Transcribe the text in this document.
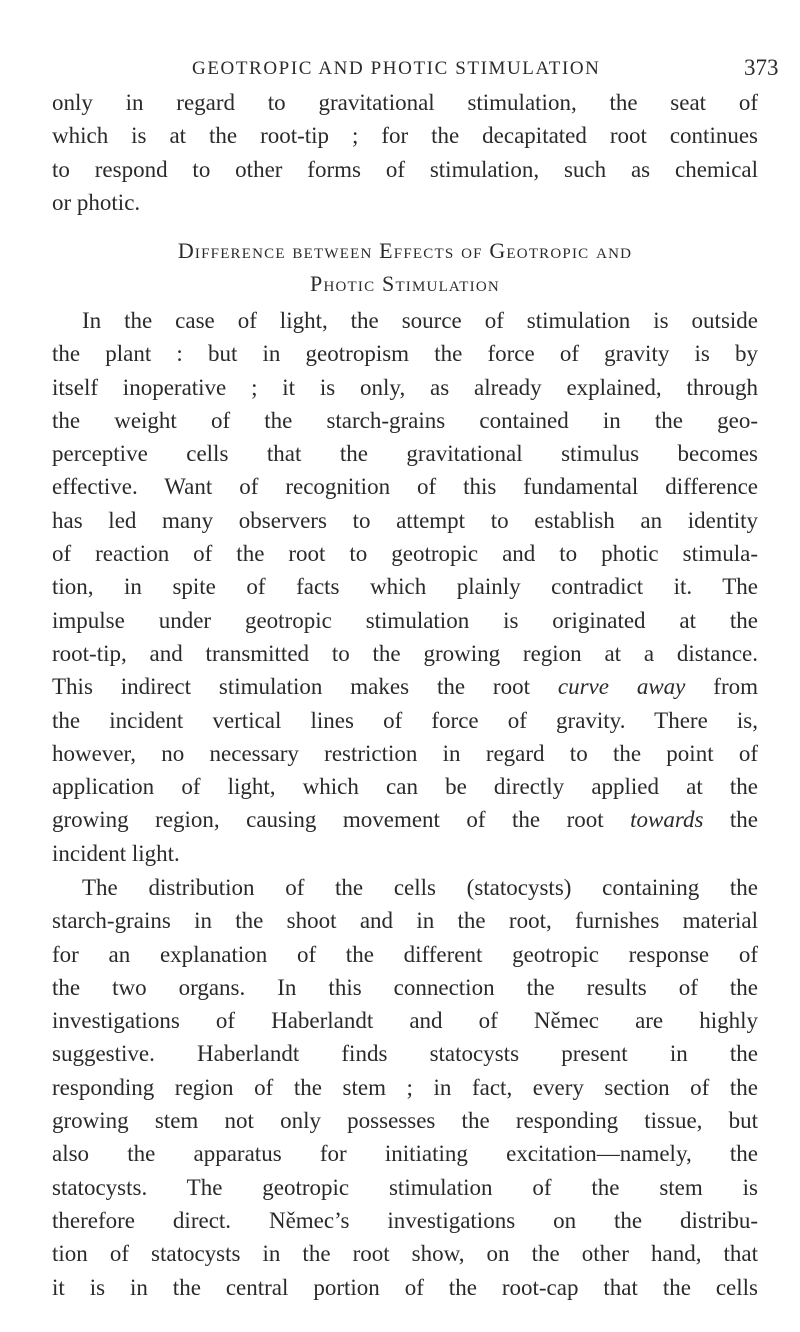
GEOTROPIC AND PHOTIC STIMULATION	373
only in regard to gravitational stimulation, the seat of
which is at the root-tip ; for the decapitated root continues
to respond to other forms of stimulation, such as chemical
or photic.
Difference between Effects of Geotropic and
Photic Stimulation
In the case of light, the source of stimulation is outside
the plant : but in geotropism the force of gravity is by
itself inoperative ; it is only, as already explained, through
the weight of the starch-grains contained in the geo-
perceptive cells that the gravitational stimulus becomes
effective. Want of recognition of this fundamental difference
has led many observers to attempt to establish an identity
of reaction of the root to geotropic and to photic stimula-
tion, in spite of facts which plainly contradict it. The
impulse under geotropic stimulation is originated at the
root-tip, and transmitted to the growing region at a distance.
This indirect stimulation makes the root curve away from
the incident vertical lines of force of gravity. There is,
however, no necessary restriction in regard to the point of
application of light, which can be directly applied at the
growing region, causing movement of the root towards the
incident light.
The distribution of the cells (statocysts) containing the
starch-grains in the shoot and in the root, furnishes material
for an explanation of the different geotropic response of
the two organs. In this connection the results of the
investigations of Haberlandt and of Němec are highly
suggestive. Haberlandt finds statocysts present in the
responding region of the stem ; in fact, every section of the
growing stem not only possesses the responding tissue, but
also the apparatus for initiating excitation—namely, the
statocysts. The geotropic stimulation of the stem is
therefore direct. Němec’s investigations on the distribu-
tion of statocysts in the root show, on the other hand, that
it is in the central portion of the root-cap that the cells
